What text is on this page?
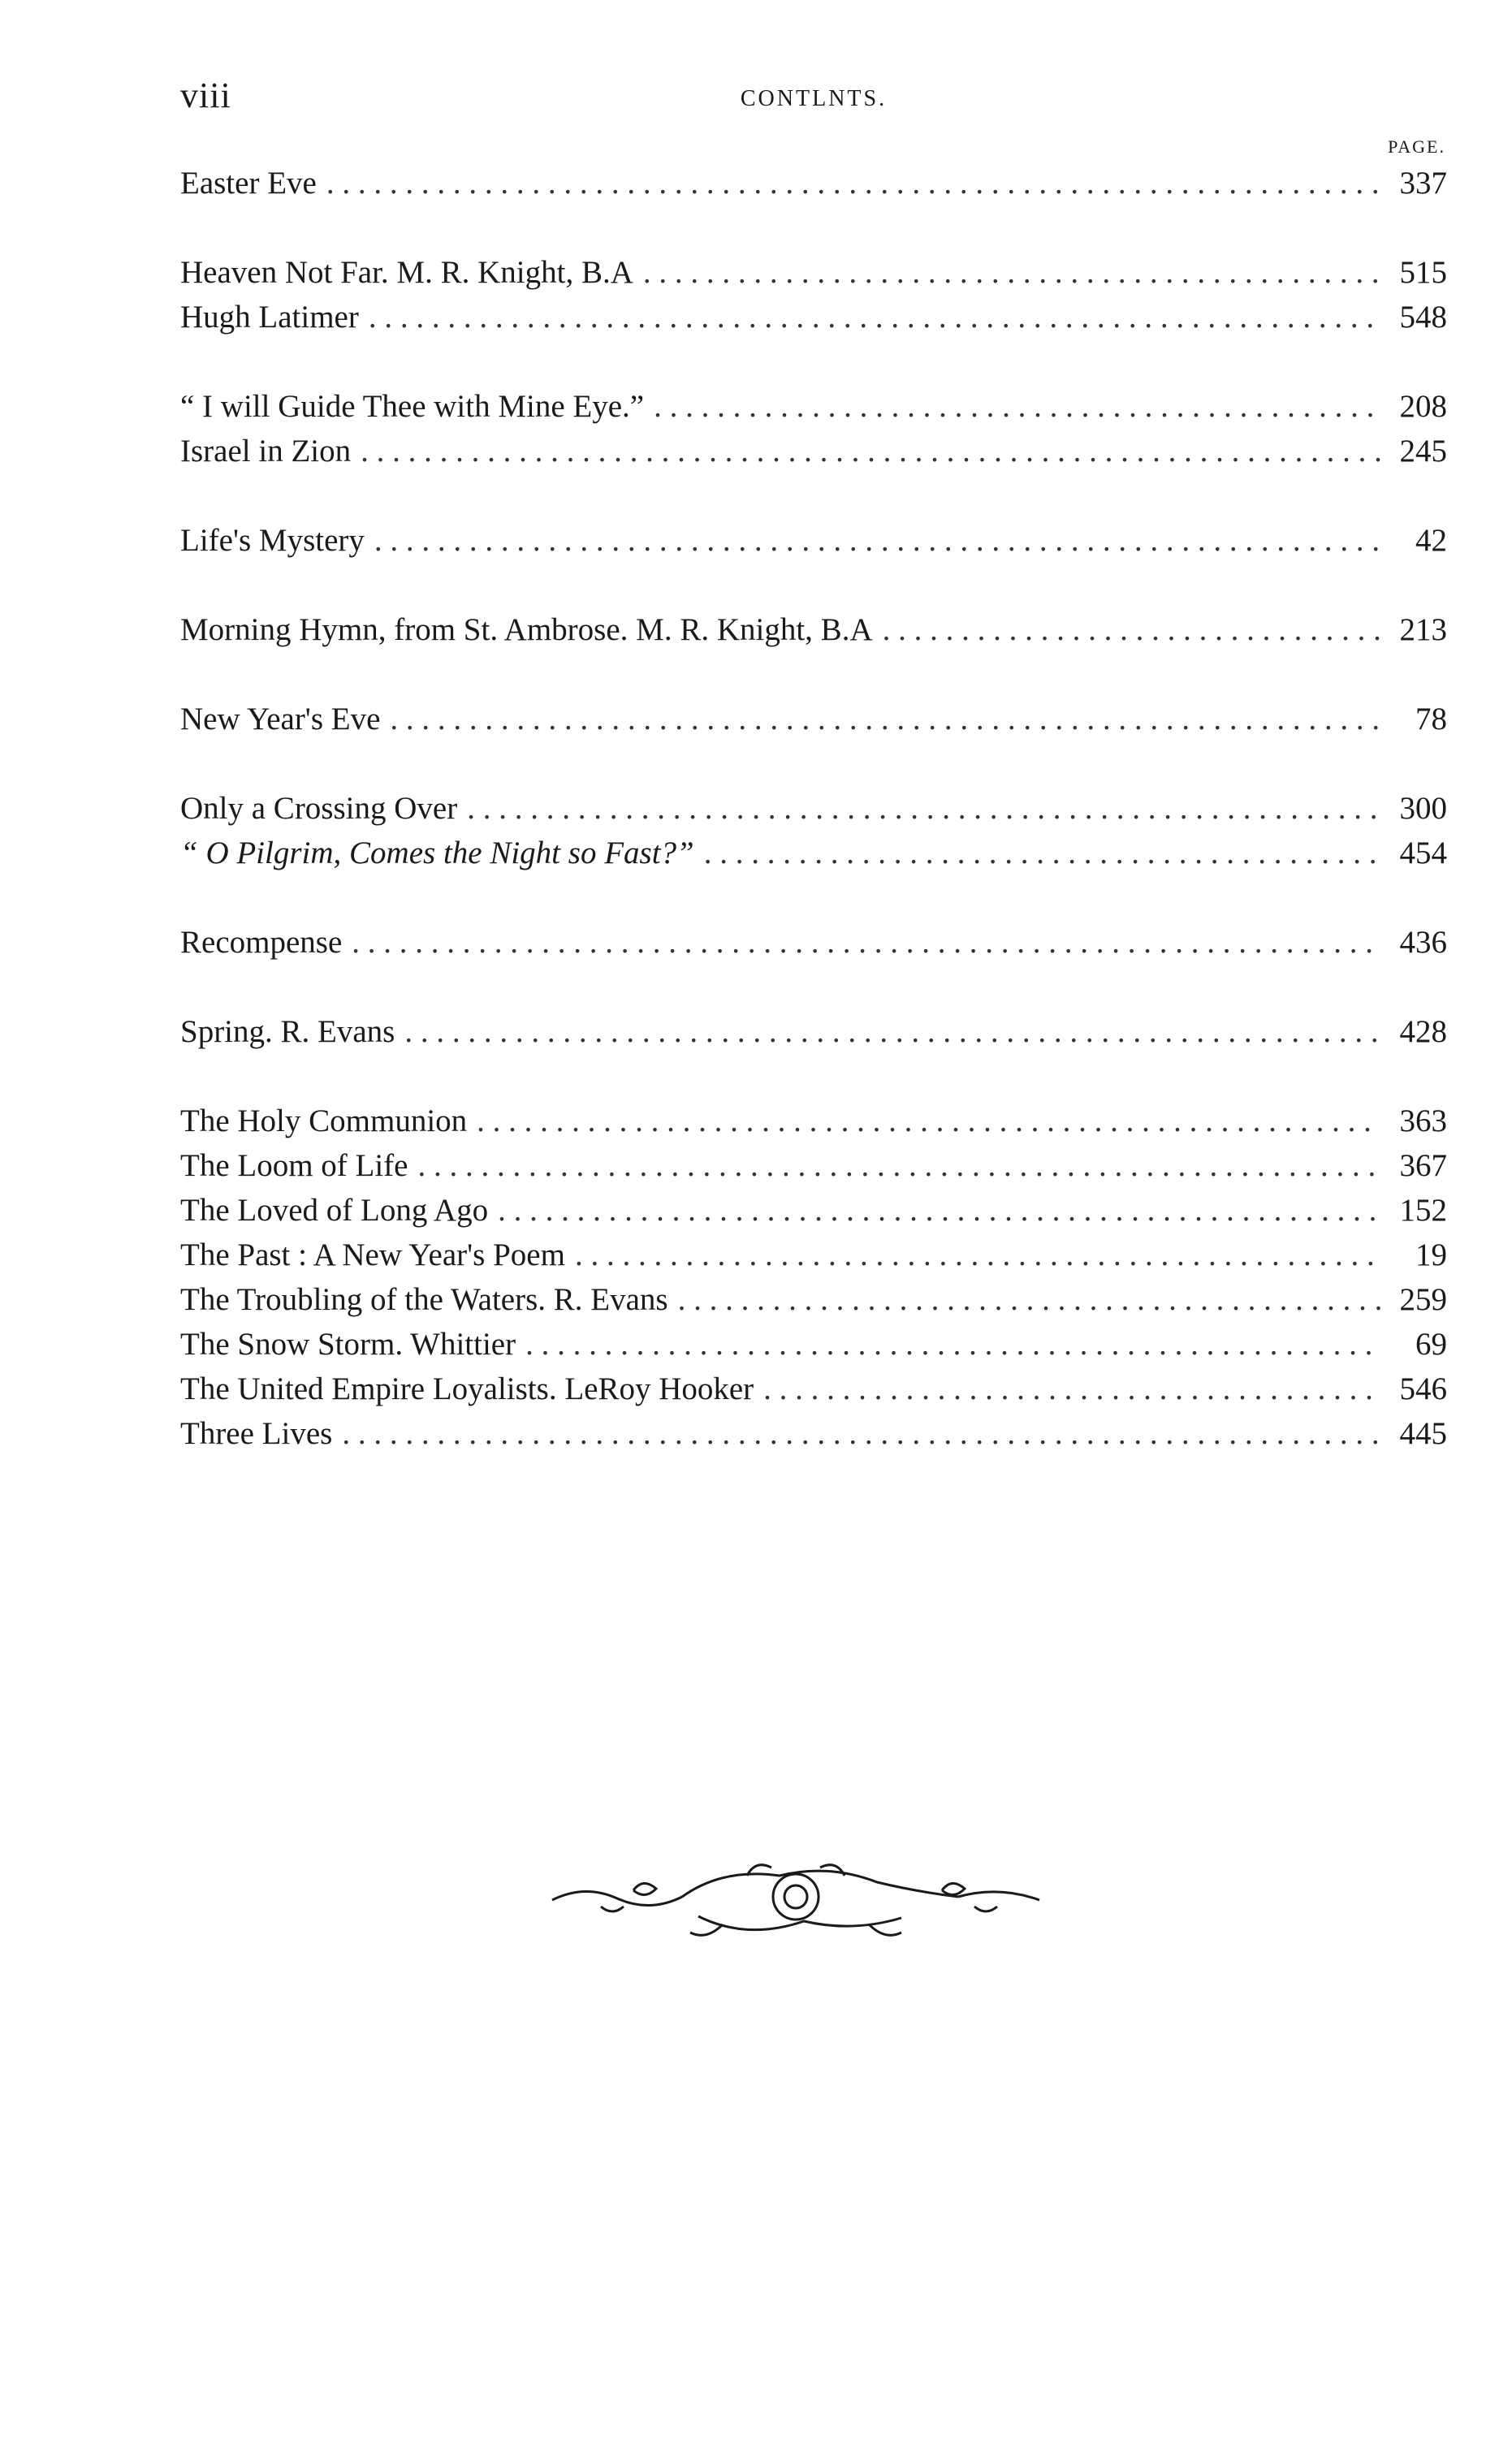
viii	CONTLNTS.
PAGE.
Easter Eve . . .	337
Heaven Not Far. M. R. Knight, B.A . . .	515
Hugh Latimer . . .	548
“ I will Guide Thee with Mine Eye.” . . .	208
Israel in Zion . . .	245
Life's Mystery . . .	42
Morning Hymn, from St. Ambrose. M. R. Knight, B.A . . .	213
New Year's Eve . . .	78
Only a Crossing Over . . .	300
“ O Pilgrim, Comes the Night so Fast?” . . .	454
Recompense . . .	436
Spring. R. Evans . . .	428
The Holy Communion . . .	363
The Loom of Life . . .	367
The Loved of Long Ago . . .	152
The Past : A New Year's Poem . . .	19
The Troubling of the Waters. R. Evans . . .	259
The Snow Storm. Whittier . . .	69
The United Empire Loyalists. LeRoy Hooker . . .	546
Three Lives . . .	445
